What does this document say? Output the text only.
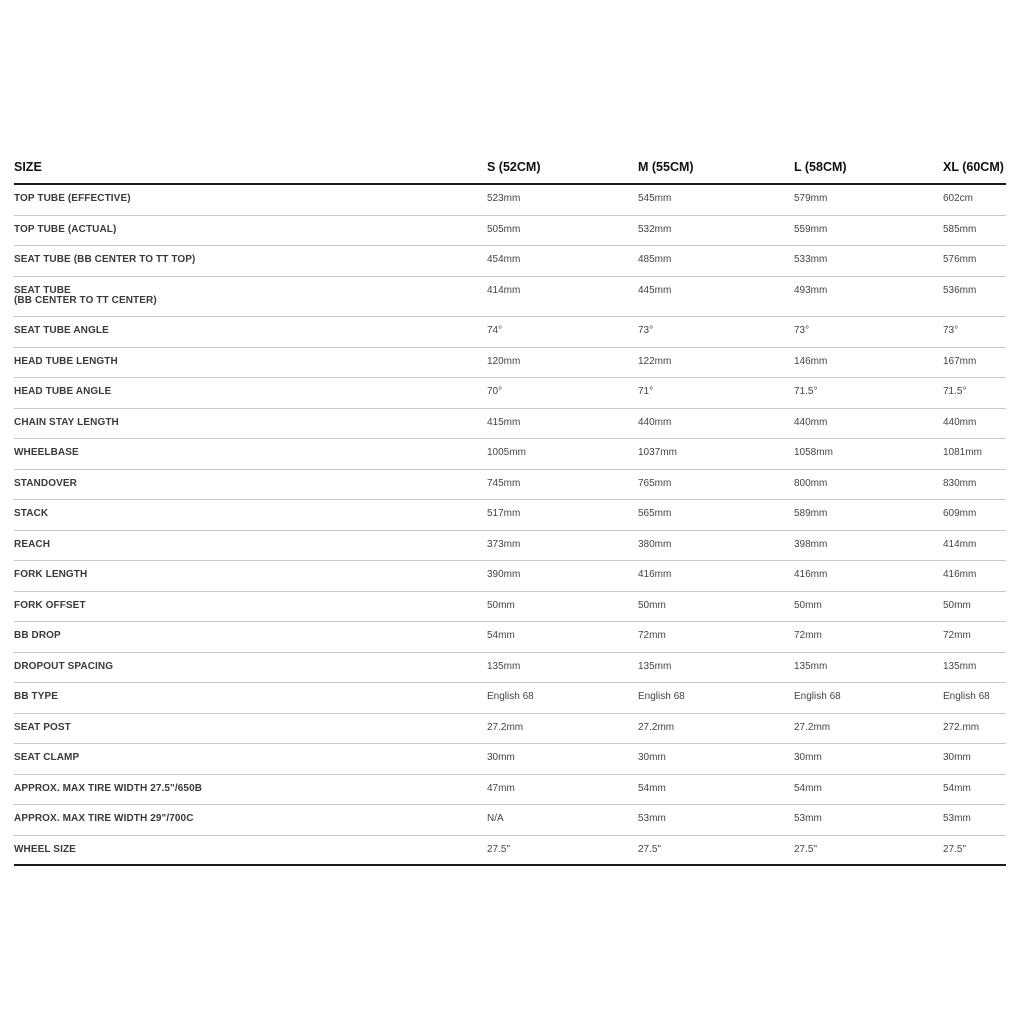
SIZE	S (52CM)	M (55CM)	L (58CM)	XL (60CM)
TOP TUBE (EFFECTIVE)	523mm	545mm	579mm	602cm
TOP TUBE (ACTUAL)	505mm	532mm	559mm	585mm
SEAT TUBE (BB CENTER TO TT TOP)	454mm	485mm	533mm	576mm
SEAT TUBE
(BB CENTER TO TT CENTER)
414mm	445mm	493mm	536mm
SEAT TUBE ANGLE	74°	73°	73°	73°
HEAD TUBE LENGTH	120mm	122mm	146mm	167mm
HEAD TUBE ANGLE	70°	71°	71.5°	71.5°
CHAIN STAY LENGTH	415mm	440mm	440mm	440mm
WHEELBASE	1005mm	1037mm	1058mm	1081mm
STANDOVER	745mm	765mm	800mm	830mm
STACK	517mm	565mm	589mm	609mm
REACH	373mm	380mm	398mm	414mm
FORK LENGTH	390mm	416mm	416mm	416mm
FORK OFFSET	50mm	50mm	50mm	50mm
BB DROP	54mm	72mm	72mm	72mm
DROPOUT SPACING	135mm	135mm	135mm	135mm
BB TYPE	English 68	English 68	English 68	English 68
SEAT POST	27.2mm	27.2mm	27.2mm	272.mm
SEAT CLAMP	30mm	30mm	30mm	30mm
APPROX. MAX TIRE WIDTH 27.5"/650B	47mm	54mm	54mm	54mm
APPROX. MAX TIRE WIDTH 29"/700C	N/A	53mm	53mm	53mm
WHEEL SIZE	27.5"	27.5"	27.5"	27.5"
